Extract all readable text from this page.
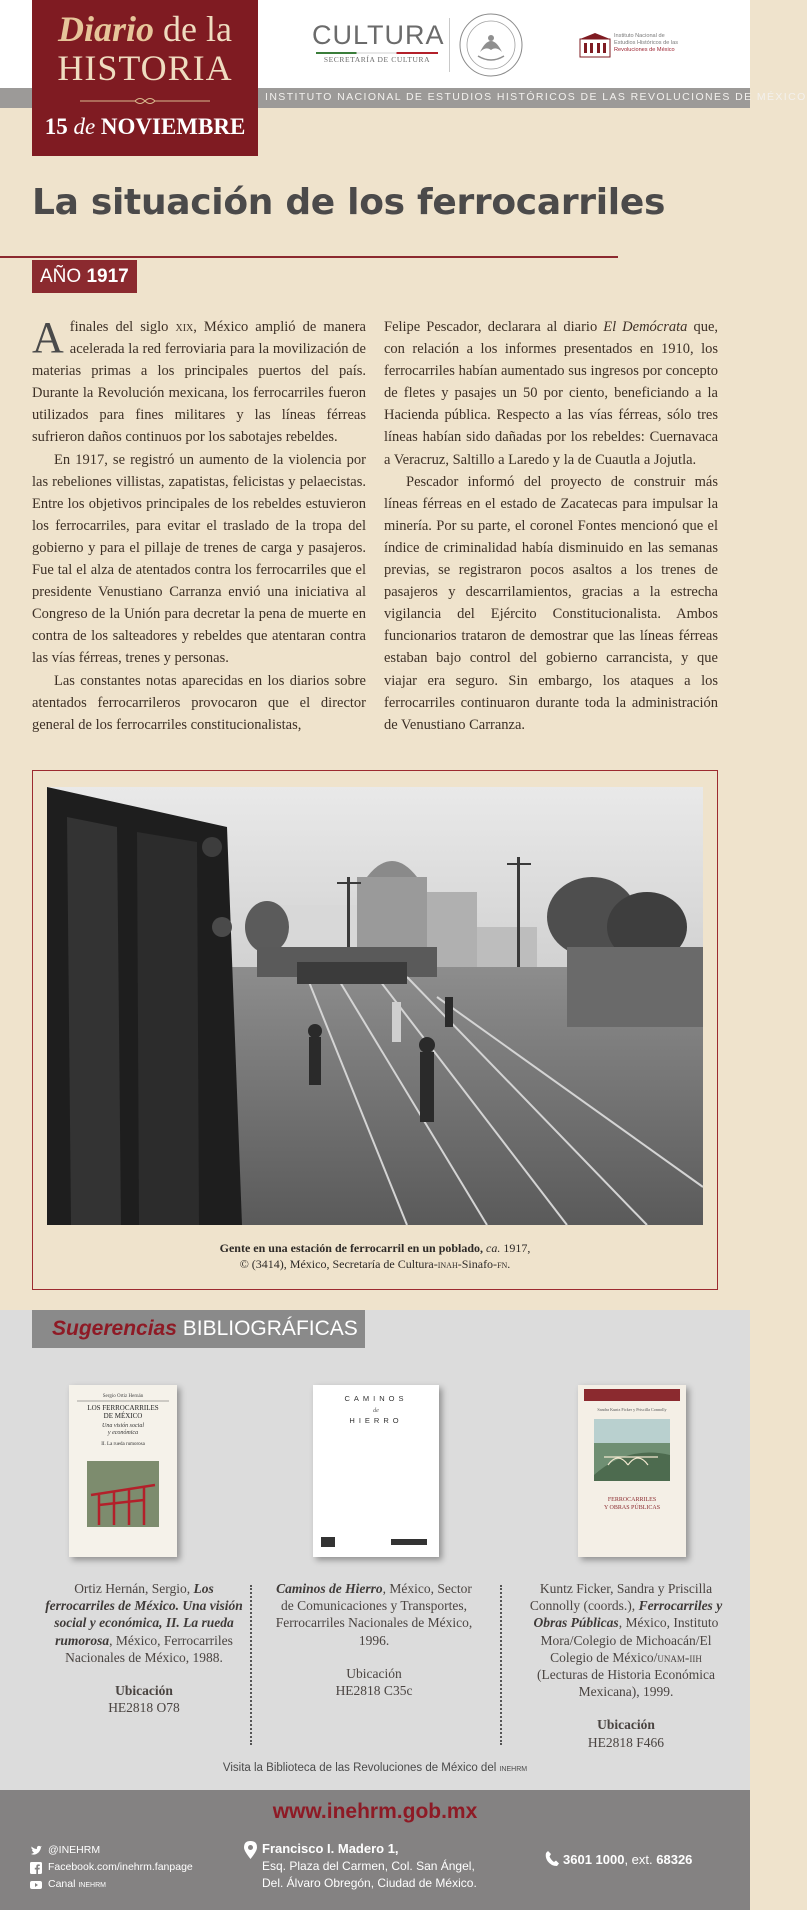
INSTITUTO NACIONAL DE ESTUDIOS HISTÓRICOS DE LAS REVOLUCIONES DE MÉXICO
Diario de la
HISTORIA
15 de NOVIEMBRE
CULTURA
SECRETARÍA DE CULTURA
Instituto Nacional de
Estudios Históricos de las
Revoluciones de México
La situación de los ferrocarriles
AÑO 1917

Afinales del siglo xix, México amplió de manera acelerada la red ferroviaria para la movilización de materias primas a los principales puertos del país. Durante la Revolución mexicana, los ferrocarriles fueron utilizados para fines militares y las líneas férreas sufrieron daños continuos por los sabotajes rebeldes.

En 1917, se registró un aumento de la violencia por las rebeliones villistas, zapatistas, felicistas y pelaecistas. Entre los objetivos principales de los rebeldes estuvieron los ferrocarriles, para evitar el traslado de la tropa del gobierno y para el pillaje de trenes de carga y pasajeros. Fue tal el alza de atentados contra los ferrocarriles que el presidente Venustiano Carranza envió una iniciativa al Congreso de la Unión para decretar la pena de muerte en contra de los salteadores y rebeldes que atentaran contra las vías férreas, trenes y personas.

Las constantes notas aparecidas en los diarios sobre atentados ferrocarrileros provocaron que el director general de los ferrocarriles constitucionalistas,

Felipe Pescador, declarara al diario El Demócrata que, con relación a los informes presentados en 1910, los ferrocarriles habían aumentado sus ingresos por concepto de fletes y pasajes un 50 por ciento, beneficiando a la Hacienda pública. Respecto a las vías férreas, sólo tres líneas habían sido dañadas por los rebeldes: Cuernavaca a Veracruz, Saltillo a Laredo y la de Cuautla a Jojutla.

Pescador informó del proyecto de construir más líneas férreas en el estado de Zacatecas para impulsar la minería. Por su parte, el coronel Fontes mencionó que el índice de criminalidad había disminuido en las semanas previas, se registraron pocos asaltos a los trenes de pasajeros y descarrilamientos, gracias a la estrecha vigilancia del Ejército Constitucionalista. Ambos funcionarios trataron de demostrar que las líneas férreas estaban bajo control del gobierno carrancista, y que viajar era seguro. Sin embargo, los ataques a los ferrocarriles continuaron durante toda la administración de Venustiano Carranza.

Gente en una estación de ferrocarril en un poblado, ca. 1917,
© (3414), México, Secretaría de Cultura-inah-Sinafo-fn.
Sugerencias BIBLIOGRÁFICAS
Sergio Ortiz Hernán
LOS FERROCARRILES
DE MÉXICO
Una visión social
y económica
II. La rueda rumorosa
CAMINOS
de
HIERRO
Sandra Kuntz Ficker y Priscilla Connolly
FERROCARRILES
Y OBRAS PÚBLICAS
Ortiz Hernán, Sergio, Los ferrocarriles de México. Una visión social y económica, II. La rueda rumorosa, México, Ferrocarriles Nacionales de México, 1988.
Ubicación
HE2818 O78
Caminos de Hierro, México, Sector de Comunicaciones y Transportes, Ferrocarriles Nacionales de México, 1996.
Ubicación
HE2818 C35c
Kuntz Ficker, Sandra y Priscilla Connolly (coords.), Ferrocarriles y Obras Públicas, México, Instituto Mora/Colegio de Michoacán/El Colegio de México/unam-iih (Lecturas de Historia Económica Mexicana), 1999.
Ubicación
HE2818 F466
Visita la Biblioteca de las Revoluciones de México del inehrm
www.inehrm.gob.mx
@INEHRM
Facebook.com/inehrm.fanpage
Canal inehrm
Francisco I. Madero 1,
Esq. Plaza del Carmen, Col. San Ángel,
Del. Álvaro Obregón, Ciudad de México.
3601 1000, ext. 68326
